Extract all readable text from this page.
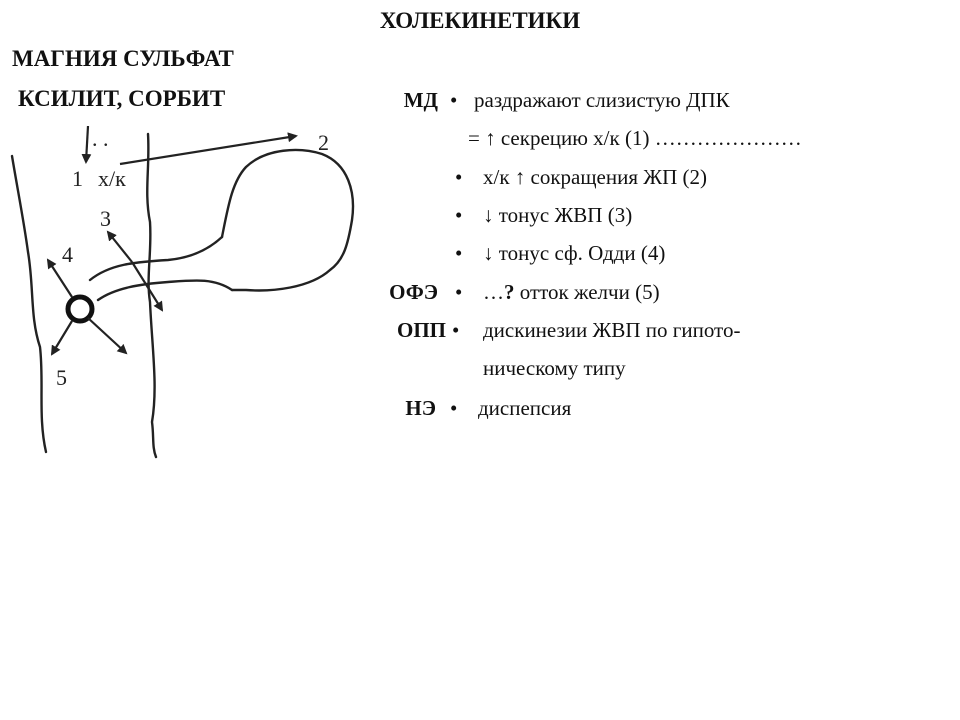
ХОЛЕКИНЕТИКИ
МАГНИЯ СУЛЬФАТ
КСИЛИТ, СОРБИТ
. .
1 х/к
2
3
4
5
МД • раздражают слизистую ДПК
= ↑ секрецию х/к (1) …………………
• х/к ↑ сокращения ЖП (2)
• ↓ тонус ЖВП (3)
• ↓ тонус сф. Одди (4)
ОФЭ • …? отток желчи (5)
ОПП • дискинезии ЖВП по гипото-
ническому типу
НЭ • диспепсия
